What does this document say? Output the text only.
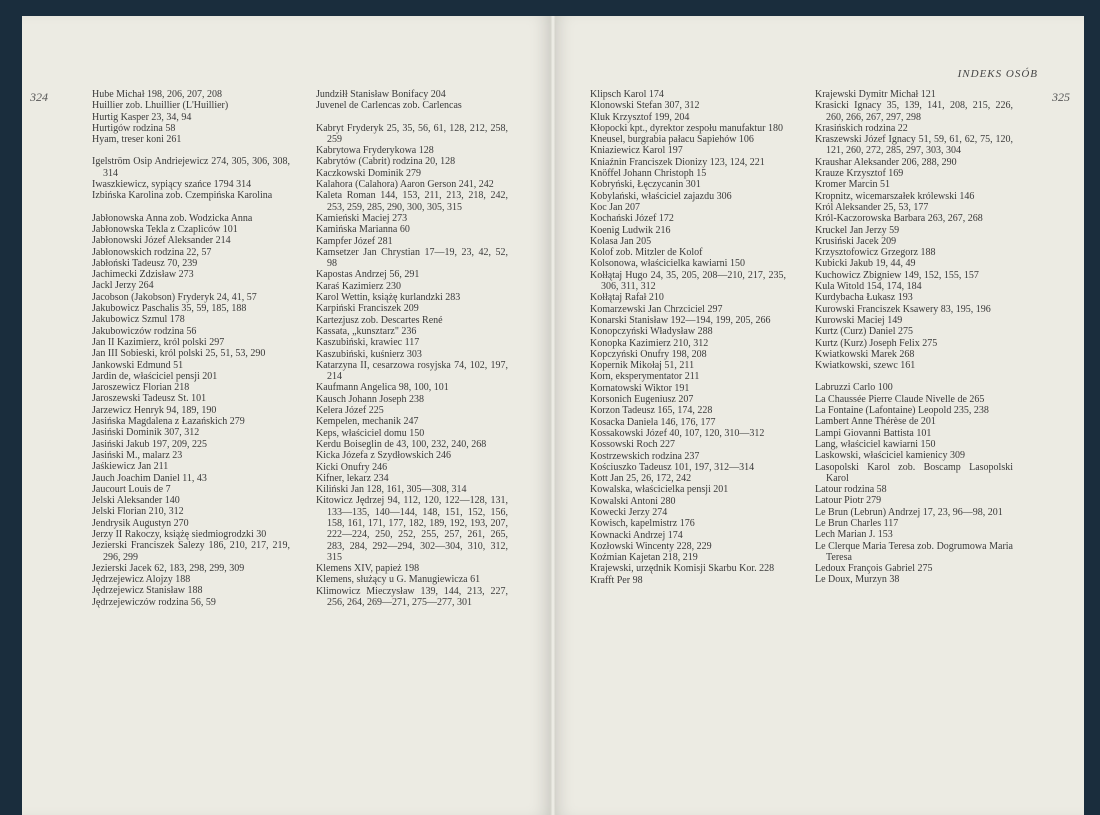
324	Hube Michał 198, 206, 207, 208
Huillier zob. Lhuillier (L'Huillier)
Hurtig Kasper 23, 34, 94
Hurtigów rodzina 58
Hyam, treser koni 261
Igelström Osip Andriejewicz 274, 305, 306, 308, 314
Iwaszkiewicz, sypiący szańce 1794 314
Izbińska Karolina zob. Czempińska Karolina
Jabłonowska Anna zob. Wodzicka Anna
Jabłonowska Tekla z Czapliców 101
Jabłonowski Józef Aleksander 214
Jabłonowskich rodzina 22, 57
Jabłoński Tadeusz 70, 239
Jachimecki Zdzisław 273
Jackl Jerzy 264
Jacobson (Jakobson) Fryderyk 24, 41, 57
Jakubowicz Paschalis 35, 59, 185, 188
Jakubowicz Szmul 178
Jakubowiczów rodzina 56
Jan II Kazimierz, król polski 297
Jan III Sobieski, król polski 25, 51, 53, 290
Jankowski Edmund 51
Jardin de, właściciel pensji 201
Jaroszewicz Florian 218
Jaroszewski Tadeusz St. 101
Jarzewicz Henryk 94, 189, 190
Jasińska Magdalena z Łazańskich 279
Jasiński Dominik 307, 312
Jasiński Jakub 197, 209, 225
Jasiński M., malarz 23
Jaśkiewicz Jan 211
Jauch Joachim Daniel 11, 43
Jaucourt Louis de 7
Jelski Aleksander 140
Jelski Florian 210, 312
Jendrysik Augustyn 270
Jerzy II Rakoczy, książę siedmiogrodzki 30
Jezierski Franciszek Salezy 186, 210, 217, 219, 296, 299
Jezierski Jacek 62, 183, 298, 299, 309
Jędrzejewicz Alojzy 188
Jędrzejewicz Stanisław 188
Jędrzejewiczów rodzina 56, 59
Jundziłł Stanisław Bonifacy 204
Juvenel de Carlencas zob. Carlencas
Kabryt Fryderyk 25, 35, 56, 61, 128, 212, 258, 259
Kabrytowa Fryderykowa 128
Kabrytów (Cabrit) rodzina 20, 128
Kaczkowski Dominik 279
Kalahora (Calahora) Aaron Gerson 241, 242
Kaleta Roman 144, 153, 211, 213, 218, 242, 253, 259, 285, 290, 300, 305, 315
Kamieński Maciej 273
Kamińska Marianna 60
Kampfer Józef 281
Kamsetzer Jan Chrystian 17—19, 23, 42, 52, 98
Kapostas Andrzej 56, 291
Karaś Kazimierz 230
Karol Wettin, książę kurlandzki 283
Karpiński Franciszek 209
Kartezjusz zob. Descartes René
Kassata, „kunsztarz" 236
Kaszubiński, krawiec 117
Kaszubiński, kuśnierz 303
Katarzyna II, cesarzowa rosyjska 74, 102, 197, 214
Kaufmann Angelica 98, 100, 101
Kausch Johann Joseph 238
Kelera Józef 225
Kempelen, mechanik 247
Keps, właściciel domu 150
Kerdu Boiseglin de 43, 100, 232, 240, 268
Kicka Józefa z Szydłowskich 246
Kicki Onufry 246
Kifner, lekarz 234
Kiliński Jan 128, 161, 305—308, 314
Kitowicz Jędrzej 94, 112, 120, 122—128, 131, 133—135, 140—144, 148, 151, 152, 156, 158, 161, 171, 177, 182, 189, 192, 193, 207, 222—224, 250, 252, 255, 257, 261, 265, 283, 284, 292—294, 302—304, 310, 312, 315
Klemens XIV, papież 198
Klemens, służący u G. Manugiewicza 61
Klimowicz Mieczysław 139, 144, 213, 227, 256, 264, 269—271, 275—277, 301
INDEKS OSÓB
325
Klipsch Karol 174
Klonowski Stefan 307, 312
Kluk Krzysztof 199, 204
Kłopocki kpt., dyrektor zespołu manufaktur 180
Kneusel, burgrabia pałacu Sapiehów 106
Kniaziewicz Karol 197
Kniaźnin Franciszek Dionizy 123, 124, 221
Knöffel Johann Christoph 15
Kobryński, Łęczycanin 301
Kobylański, właściciel zajazdu 306
Koc Jan 207
Kochański Józef 172
Koenig Ludwik 216
Kolasa Jan 205
Kolof zob. Mitzler de Kolof
Kolsonowa, właścicielka kawiarni 150
Kołłątaj Hugo 24, 35, 205, 208—210, 217, 235, 306, 311, 312
Kołłątaj Rafał 210
Komarzewski Jan Chrzciciel 297
Konarski Stanisław 192—194, 199, 205, 266
Konopczyński Władysław 288
Konopka Kazimierz 210, 312
Kopczyński Onufry 198, 208
Kopernik Mikołaj 51, 211
Korn, eksperymentator 211
Kornatowski Wiktor 191
Korsonich Eugeniusz 207
Korzon Tadeusz 165, 174, 228
Kosacka Daniela 146, 176, 177
Kossakowski Józef 40, 107, 120, 310—312
Kossowski Roch 227
Kostrzewskich rodzina 237
Kościuszko Tadeusz 101, 197, 312—314
Kott Jan 25, 26, 172, 242
Kowalska, właścicielka pensji 201
Kowalski Antoni 280
Kowecki Jerzy 274
Kowisch, kapelmistrz 176
Kownacki Andrzej 174
Kozłowski Wincenty 228, 229
Koźmian Kajetan 218, 219
Krajewski, urzędnik Komisji Skarbu Kor. 228
Krafft Per 98
Krajewski Dymitr Michał 121
Krasicki Ignacy 35, 139, 141, 208, 215, 226, 260, 266, 267, 297, 298
Krasińskich rodzina 22
Kraszewski Józef Ignacy 51, 59, 61, 62, 75, 120, 121, 260, 272, 285, 297, 303, 304
Kraushar Aleksander 206, 288, 290
Krauze Krzysztof 169
Kromer Marcin 51
Kropnitz, wicemarszałek królewski 146
Król Aleksander 25, 53, 177
Król-Kaczorowska Barbara 263, 267, 268
Kruckel Jan Jerzy 59
Krusiński Jacek 209
Krzysztofowicz Grzegorz 188
Kubicki Jakub 19, 44, 49
Kuchowicz Zbigniew 149, 152, 155, 157
Kula Witold 154, 174, 184
Kurdybacha Łukasz 193
Kurowski Franciszek Ksawery 83, 195, 196
Kurowski Maciej 149
Kurtz (Curz) Daniel 275
Kurtz (Kurz) Joseph Felix 275
Kwiatkowski Marek 268
Kwiatkowski, szewc 161
Labruzzi Carlo 100
La Chaussée Pierre Claude Nivelle de 265
La Fontaine (Lafontaine) Leopold 235, 238
Lambert Anne Thérèse de 201
Lampi Giovanni Battista 101
Lang, właściciel kawiarni 150
Laskowski, właściciel kamienicy 309
Lasopolski Karol zob. Boscamp Lasopolski Karol
Latour rodzina 58
Latour Piotr 279
Le Brun (Lebrun) Andrzej 17, 23, 96—98, 201
Le Brun Charles 117
Lech Marian J. 153
Le Clerque Maria Teresa zob. Dogrumowa Maria Teresa
Ledoux François Gabriel 275
Le Doux, Murzyn 38
